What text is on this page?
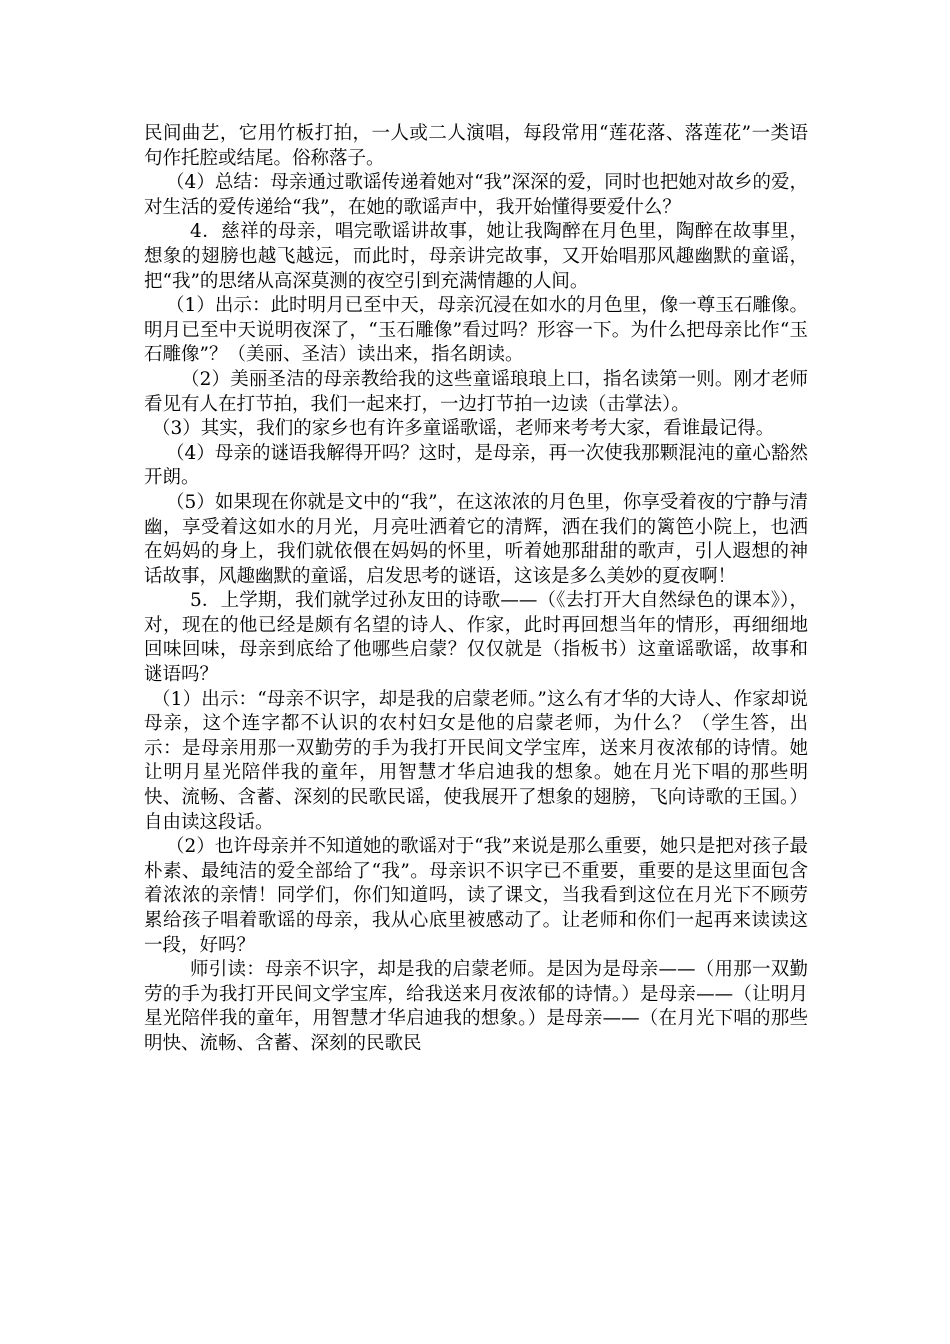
民间曲艺，它用竹板打拍，一人或二人演唱，每段常用“莲花落、落莲花”一类语句作托腔或结尾。俗称落子。

（4）总结：母亲通过歌谣传递着她对“我”深深的爱，同时也把她对故乡的爱，对生活的爱传递给“我”，在她的歌谣声中，我开始懂得要爱什么？

4．慈祥的母亲，唱完歌谣讲故事，她让我陶醉在月色里，陶醉在故事里，想象的翅膀也越飞越远，而此时，母亲讲完故事，又开始唱那风趣幽默的童谣，把“我”的思绪从高深莫测的夜空引到充满情趣的人间。

（1）出示：此时明月已至中天，母亲沉浸在如水的月色里，像一尊玉石雕像。明月已至中天说明夜深了，“玉石雕像”看过吗？形容一下。为什么把母亲比作“玉石雕像”？（美丽、圣洁）读出来，指名朗读。

（2）美丽圣洁的母亲教给我的这些童谣琅琅上口，指名读第一则。刚才老师看见有人在打节拍，我们一起来打，一边打节拍一边读（击掌法）。

（3）其实，我们的家乡也有许多童谣歌谣，老师来考考大家，看谁最记得。

（4）母亲的谜语我解得开吗？这时，是母亲，再一次使我那颗混沌的童心豁然开朗。

（5）如果现在你就是文中的“我”，在这浓浓的月色里，你享受着夜的宁静与清幽，享受着这如水的月光，月亮吐洒着它的清辉，洒在我们的篱笆小院上，也洒在妈妈的身上，我们就依偎在妈妈的怀里，听着她那甜甜的歌声，引人遐想的神话故事，风趣幽默的童谣，启发思考的谜语，这该是多么美妙的夏夜啊！

5．上学期，我们就学过孙友田的诗歌——（《去打开大自然绿色的课本》），对，现在的他已经是颇有名望的诗人、作家，此时再回想当年的情形，再细细地回味回味，母亲到底给了他哪些启蒙？仅仅就是（指板书）这童谣歌谣，故事和谜语吗？

（1）出示：“母亲不识字，却是我的启蒙老师。”这么有才华的大诗人、作家却说母亲，这个连字都不认识的农村妇女是他的启蒙老师，为什么？（学生答，出示：是母亲用那一双勤劳的手为我打开民间文学宝库，送来月夜浓郁的诗情。她让明月星光陪伴我的童年，用智慧才华启迪我的想象。她在月光下唱的那些明快、流畅、含蓄、深刻的民歌民谣，使我展开了想象的翅膀，飞向诗歌的王国。）自由读这段话。

（2）也许母亲并不知道她的歌谣对于“我”来说是那么重要，她只是把对孩子最朴素、最纯洁的爱全部给了“我”。母亲识不识字已不重要，重要的是这里面包含着浓浓的亲情！同学们，你们知道吗，读了课文，当我看到这位在月光下不顾劳累给孩子唱着歌谣的母亲，我从心底里被感动了。让老师和你们一起再来读读这一段，好吗？

师引读：母亲不识字，却是我的启蒙老师。是因为是母亲——（用那一双勤劳的手为我打开民间文学宝库，给我送来月夜浓郁的诗情。）是母亲——（让明月星光陪伴我的童年，用智慧才华启迪我的想象。）是母亲——（在月光下唱的那些明快、流畅、含蓄、深刻的民歌民
